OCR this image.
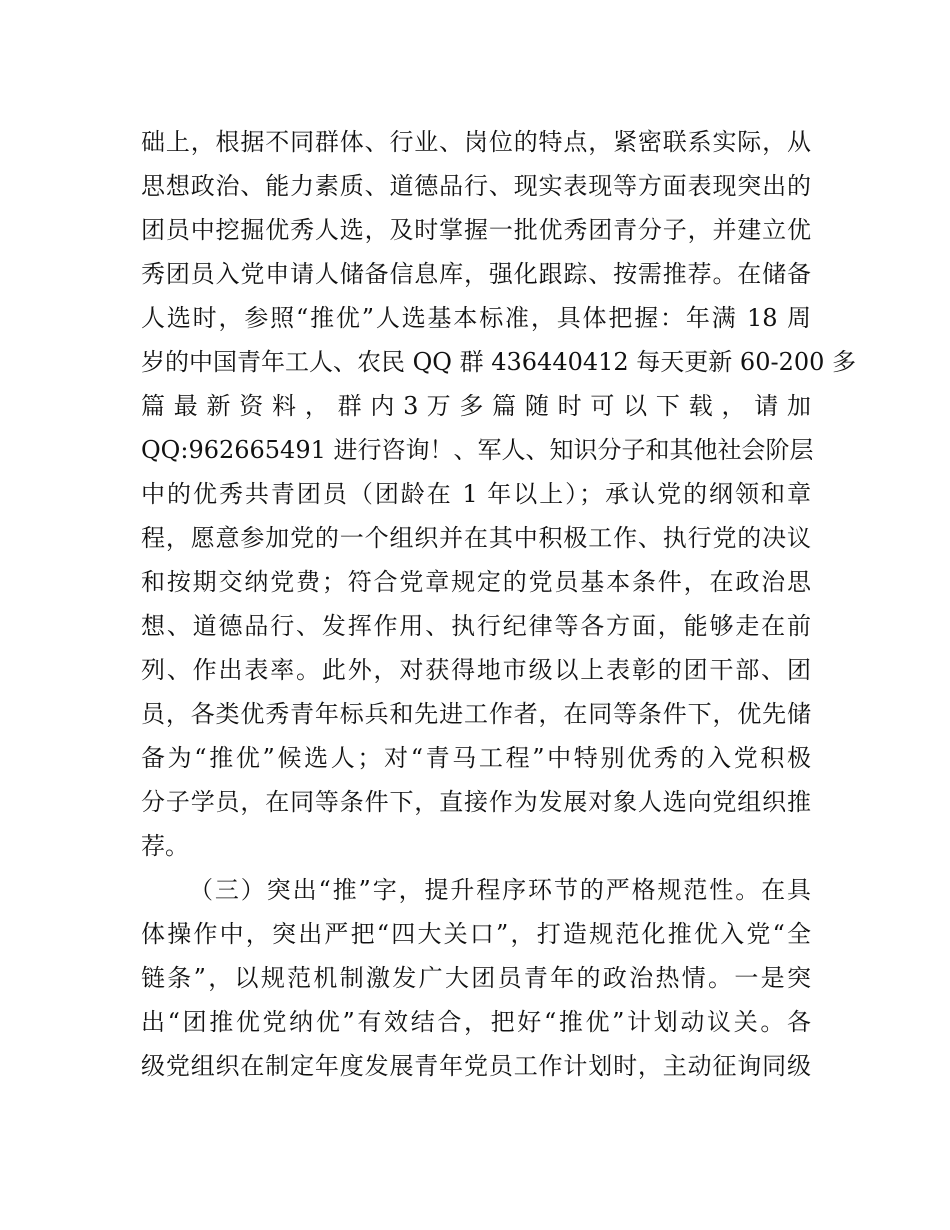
础上，根据不同群体、行业、岗位的特点，紧密联系实际，从
思想政治、能力素质、道德品行、现实表现等方面表现突出的
团员中挖掘优秀人选，及时掌握一批优秀团青分子，并建立优
秀团员入党申请人储备信息库，强化跟踪、按需推荐。在储备
人选时，参照“推优”人选基本标准，具体把握：年满 18 周
岁的中国青年工人、农民 QQ 群 436440412 每天更新 60-200 多
篇 最 新 资 料 ， 群 内 3 万 多 篇 随 时 可 以 下 载 ， 请 加
QQ:962665491 进行咨询！、军人、知识分子和其他社会阶层
中的优秀共青团员（团龄在 1 年以上）；承认党的纲领和章
程，愿意参加党的一个组织并在其中积极工作、执行党的决议
和按期交纳党费；符合党章规定的党员基本条件，在政治思
想、道德品行、发挥作用、执行纪律等各方面，能够走在前
列、作出表率。此外，对获得地市级以上表彰的团干部、团
员，各类优秀青年标兵和先进工作者，在同等条件下，优先储
备为“推优”候选人；对“青马工程”中特别优秀的入党积极
分子学员，在同等条件下，直接作为发展对象人选向党组织推
荐。
（三）突出“推”字，提升程序环节的严格规范性。在具
体操作中，突出严把“四大关口”，打造规范化推优入党“全
链条”，以规范机制激发广大团员青年的政治热情。一是突
出“团推优党纳优”有效结合，把好“推优”计划动议关。各
级党组织在制定年度发展青年党员工作计划时，主动征询同级
